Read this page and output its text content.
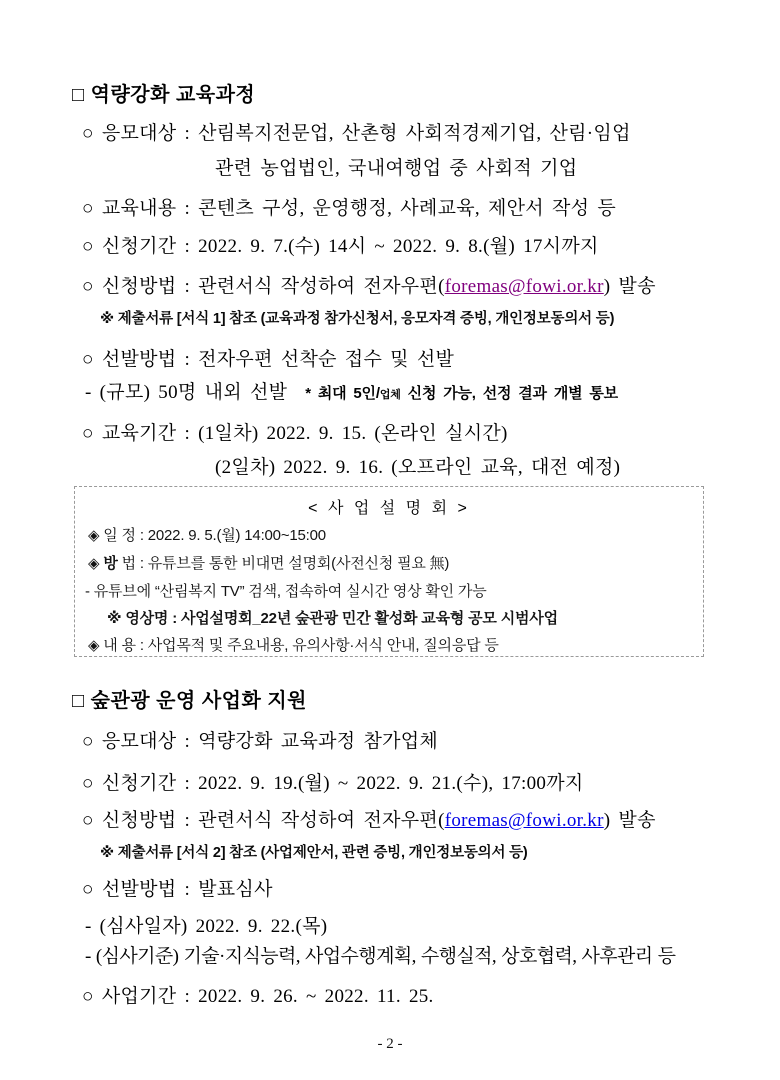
□ 역량강화 교육과정
○ 응모대상 : 산림복지전문업, 산촌형 사회적경제기업, 산림·임업
관련 농업법인, 국내여행업 중 사회적 기업
○ 교육내용 : 콘텐츠 구성, 운영행정, 사례교육, 제안서 작성 등
○ 신청기간 : 2022. 9. 7.(수) 14시 ~ 2022. 9. 8.(월) 17시까지
○ 신청방법 : 관련서식 작성하여 전자우편(foremas@fowi.or.kr) 발송
※ 제출서류 [서식 1] 참조 (교육과정 참가신청서, 응모자격 증빙, 개인정보동의서 등)
○ 선발방법 : 전자우편 선착순 접수 및 선발
- (규모) 50명 내외 선발 * 최대 5인/업체 신청 가능, 선정 결과 개별 통보
○ 교육기간 : (1일차) 2022. 9. 15. (온라인 실시간)
(2일차) 2022. 9. 16. (오프라인 교육, 대전 예정)
< 사 업 설 명 회 >
◈ 일 정 : 2022. 9. 5.(월) 14:00~15:00
◈ 방 법 : 유튜브를 통한 비대면 설명회(사전신청 필요 無)
- 유튜브에 “산림복지 TV” 검색, 접속하여 실시간 영상 확인 가능
※ 영상명 : 사업설명회_22년 숲관광 민간 활성화 교육형 공모 시범사업
◈ 내 용 : 사업목적 및 주요내용, 유의사항·서식 안내, 질의응답 등
□ 숲관광 운영 사업화 지원
○ 응모대상 : 역량강화 교육과정 참가업체
○ 신청기간 : 2022. 9. 19.(월) ~ 2022. 9. 21.(수), 17:00까지
○ 신청방법 : 관련서식 작성하여 전자우편(foremas@fowi.or.kr) 발송
※ 제출서류 [서식 2] 참조 (사업제안서, 관련 증빙, 개인정보동의서 등)
○ 선발방법 : 발표심사
- (심사일자) 2022. 9. 22.(목)
- (심사기준) 기술·지식능력, 사업수행계획, 수행실적, 상호협력, 사후관리 등
○ 사업기간 : 2022. 9. 26. ~ 2022. 11. 25.
- 2 -
